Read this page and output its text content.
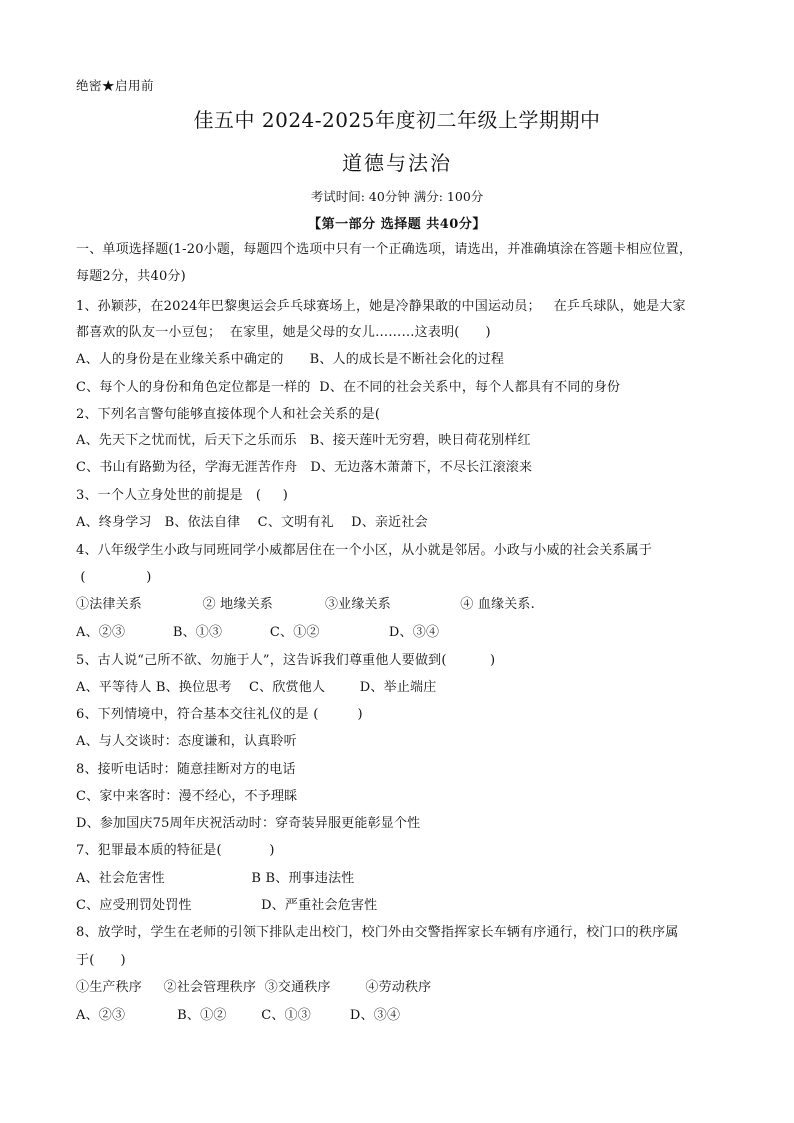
绝密★启用前
佳五中 2024-2025年度初二年级上学期期中
道德与法治
考试时间: 40分钟 满分: 100分
【第一部分 选择题 共40分】
一、单项选择题(1-20小题，每题四个选项中只有一个正确选项，请选出，并准确填涂在答题卡相应位置，
每题2分，共40分)
1、孙颖莎，在2024年巴黎奥运会乒乓球赛场上，她是冷静果敢的中国运动员；   在乒乓球队，她是大家
都喜欢的队友一小豆包；  在家里，她是父母的女儿………这表明(      )
A、人的身份是在业缘关系中确定的      B、人的成长是不断社会化的过程
C、每个人的身份和角色定位都是一样的  D、在不同的社会关系中，每个人都具有不同的身份
2、下列名言警句能够直接体现个人和社会关系的是(
A、先天下之忧而忧，后天下之乐而乐   B、接天莲叶无穷碧，映日荷花别样红
C、书山有路勤为径，学海无涯苦作舟   D、无边落木萧萧下，不尽长江滚滚来
3、一个人立身处世的前提是   (     )
A、终身学习   B、依法自律    C、文明有礼    D、亲近社会
4、八年级学生小政与同班同学小威都居住在一个小区，从小就是邻居。小政与小威的社会关系属于
(              )
①法律关系              ② 地缘关系            ③业缘关系                ④ 血缘关系.
A、②③           B、①③           C、①②                D、③④
5、古人说“己所不欲、勿施于人”，这告诉我们尊重他人要做到(          )
A、平等待人 B、换位思考    C、欣赏他人        D、举止端庄
6、下列情境中，符合基本交往礼仪的是 (         )
A、与人交谈时：态度谦和，认真聆听
8、接听电话时：随意挂断对方的电话
C、家中来客时：漫不经心，不予理睬
D、参加国庆75周年庆祝活动时：穿奇装异服更能彰显个性
7、犯罪最本质的特征是(           )
A、社会危害性                    B B、刑事违法性
C、应受刑罚处罚性                D、严重社会危害性
8、放学时，学生在老师的引领下排队走出校门，校门外由交警指挥家长车辆有序通行，校门口的秩序属
于(      )
①生产秩序     ②社会管理秩序  ③交通秩序        ④劳动秩序
A、②③            B、①②        C、①③         D、③④
